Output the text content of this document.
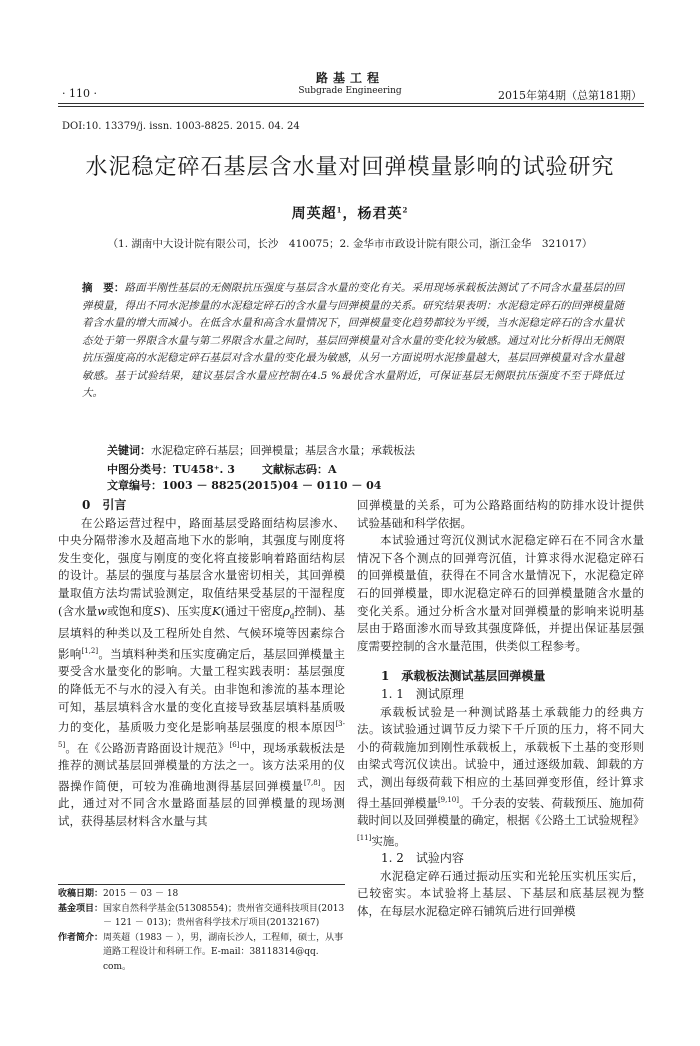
· 110 ·
路基工程
Subgrade Engineering	2015年第4期（总第181期）
DOI:10. 13379/j. issn. 1003-8825. 2015. 04. 24
水泥稳定碎石基层含水量对回弹模量影响的试验研究
周英超$^1$，杨君英$^2$
（1. 湖南中大设计院有限公司，长沙　410075；2. 金华市市政设计院有限公司，浙江金华　321017）
摘　要：路面半刚性基层的无侧限抗压强度与基层含水量的变化有关。采用现场承载板法测试了不同含水量基层的回弹模量，得出不同水泥掺量的水泥稳定碎石的含水量与回弹模量的关系。研究结果表明：水泥稳定碎石的回弹模量随着含水量的增大而减小。在低含水量和高含水量情况下，回弹模量变化趋势都较为平缓，当水泥稳定碎石的含水量状态处于第一界限含水量与第二界限含水量之间时，基层回弹模量对含水量的变化较为敏感。通过对比分析得出无侧限抗压强度高的水泥稳定碎石基层对含水量的变化最为敏感，从另一方面说明水泥掺量越大，基层回弹模量对含水量越敏感。基于试验结果，建议基层含水量应控制在4.5 %最优含水量附近，可保证基层无侧限抗压强度不至于降低过大。
关键词：水泥稳定碎石基层；回弹模量；基层含水量；承载板法
中图分类号：TU458⁺. 3 文献标志码：A文章编号：1003 － 8825(2015)04 － 0110 － 04

0　引言

在公路运营过程中，路面基层受路面结构层渗水、中央分隔带渗水及超高地下水的影响，其强度与刚度将发生变化，强度与刚度的变化将直接影响着路面结构层的设计。基层的强度与基层含水量密切相关，其回弹模量取值方法均需试验测定，取值结果受基层的干湿程度(含水量w或饱和度S)、压实度K(通过干密度$\rho_d$控制)、基层填料的种类以及工程所处自然、气候环境等因素综合影响[1,2]。当填料种类和压实度确定后，基层回弹模量主要受含水量变化的影响。大量工程实践表明：基层强度的降低无不与水的浸入有关。由非饱和渗流的基本理论可知，基层填料含水量的变化直接导致基层填料基质吸力的变化，基质吸力变化是影响基层强度的根本原因[3-5]。在《公路沥青路面设计规范》[6]中，现场承载板法是推荐的测试基层回弹模量的方法之一。该方法采用的仪器操作简便，可较为准确地测得基层回弹模量[7,8]。因此，通过对不同含水量路面基层的回弹模量的现场测试，获得基层材料含水量与其

回弹模量的关系，可为公路路面结构的防排水设计提供试验基础和科学依据。

本试验通过弯沉仪测试水泥稳定碎石在不同含水量情况下各个测点的回弹弯沉值，计算求得水泥稳定碎石的回弹模量值，获得在不同含水量情况下，水泥稳定碎石的回弹模量，即水泥稳定碎石的回弹模量随含水量的变化关系。通过分析含水量对回弹模量的影响来说明基层由于路面渗水而导致其强度降低，并提出保证基层强度需要控制的含水量范围，供类似工程参考。

1　承载板法测试基层回弹模量

1. 1　测试原理

承载板试验是一种测试路基土承载能力的经典方法。该试验通过调节反力梁下千斤顶的压力，将不同大小的荷载施加到刚性承载板上，承载板下土基的变形则由梁式弯沉仪读出。试验中，通过逐级加载、卸载的方式，测出每级荷载下相应的土基回弹变形值，经计算求得土基回弹模量[9,10]。千分表的安装、荷载预压、施加荷载时间以及回弹模量的确定，根据《公路土工试验规程》[11]实施。

1. 2　试验内容

水泥稳定碎石通过振动压实和光轮压实机压实后，已较密实。本试验将上基层、下基层和底基层视为整体，在每层水泥稳定碎石铺筑后进行回弹模

收稿日期： 2015 － 03 － 18
基金项目： 国家自然科学基金(51308554)；贵州省交通科技项目(2013 － 121 － 013)；贵州省科学技术厅项目(20132167)
作者简介： 周英超（1983 － ），男，湖南长沙人，工程师，硕士，从事道路工程设计和科研工作。E-mail：38118314@qq. com。
